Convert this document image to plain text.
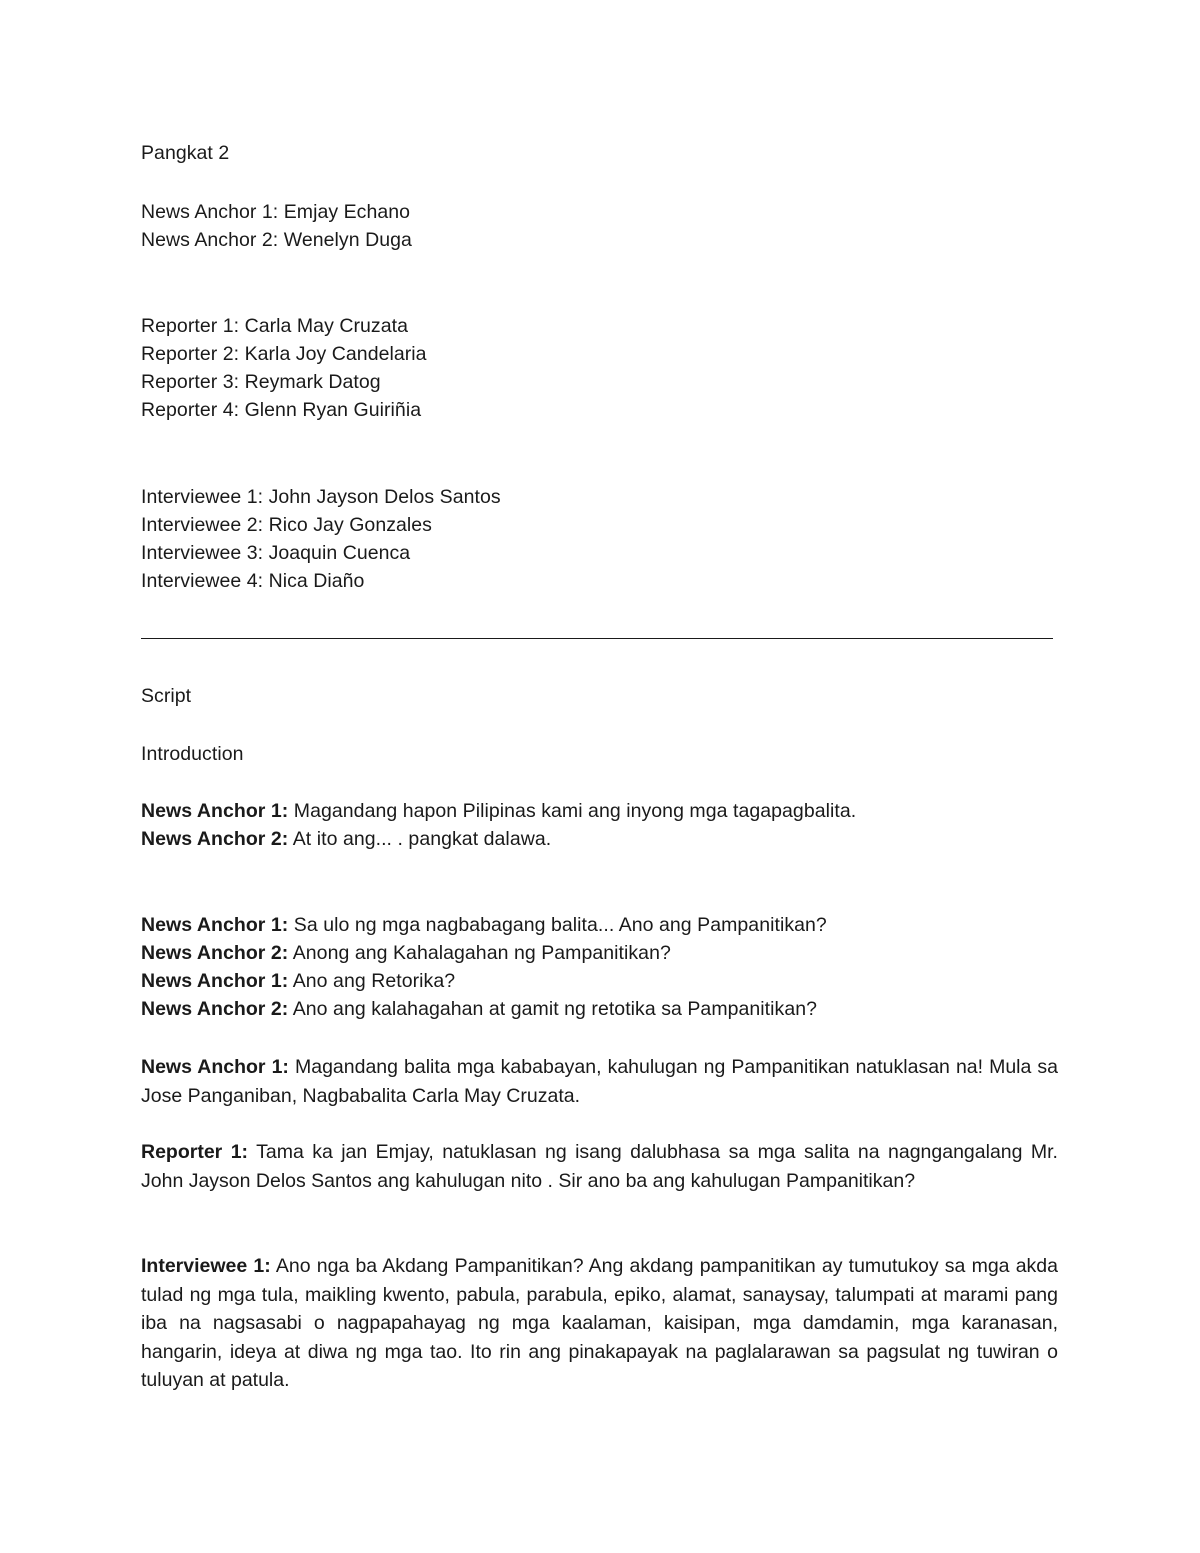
Pangkat 2
News Anchor 1: Emjay Echano
News Anchor 2: Wenelyn Duga
Reporter 1: Carla May Cruzata
Reporter 2: Karla Joy Candelaria
Reporter 3: Reymark Datog
Reporter 4: Glenn Ryan Guiriñia
Interviewee 1: John Jayson Delos Santos
Interviewee 2: Rico Jay Gonzales
Interviewee 3: Joaquin Cuenca
Interviewee 4: Nica Diaño
Script
Introduction
News Anchor 1: Magandang hapon Pilipinas kami ang inyong mga tagapagbalita.
News Anchor 2: At ito ang... . pangkat dalawa.
News Anchor 1: Sa ulo ng mga nagbabagang balita... Ano ang Pampanitikan?
News Anchor 2: Anong ang Kahalagahan ng Pampanitikan?
News Anchor 1: Ano ang Retorika?
News Anchor 2: Ano ang kalahagahan at gamit ng retotika sa Pampanitikan?
News Anchor 1: Magandang balita mga kababayan, kahulugan ng Pampanitikan natuklasan na! Mula sa Jose Panganiban, Nagbabalita Carla May Cruzata.
Reporter 1: Tama ka jan Emjay, natuklasan ng isang dalubhasa sa mga salita na nagngangalang Mr. John Jayson Delos Santos ang kahulugan nito . Sir ano ba ang kahulugan Pampanitikan?
Interviewee 1: Ano nga ba Akdang Pampanitikan? Ang akdang pampanitikan ay tumutukoy sa mga akda tulad ng mga tula, maikling kwento, pabula, parabula, epiko, alamat, sanaysay, talumpati at marami pang iba na nagsasabi o nagpapahayag ng mga kaalaman, kaisipan, mga damdamin, mga karanasan, hangarin, ideya at diwa ng mga tao. Ito rin ang pinakapayak na paglalarawan sa pagsulat ng tuwiran o tuluyan at patula.
